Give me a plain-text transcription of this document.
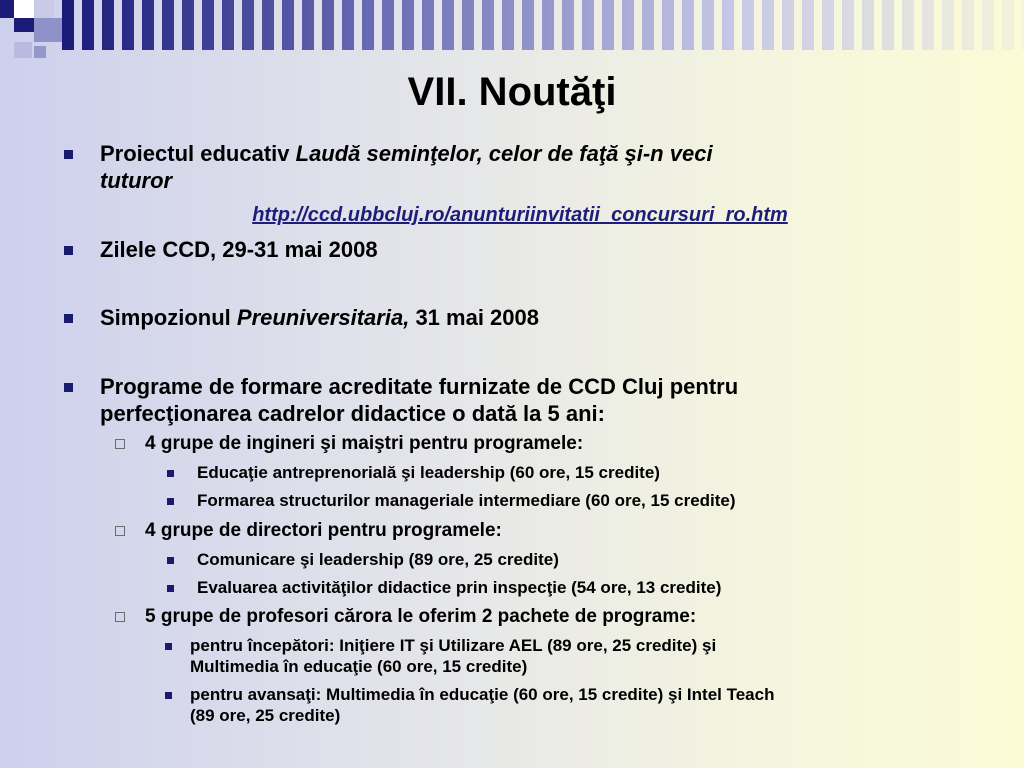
VII. Noutăţi
Proiectul educativ Laudă seminţelor, celor de faţă şi-n veci
tuturor
http://ccd.ubbcluj.ro/anunturiinvitatii_concursuri_ro.htm
Zilele CCD, 29-31 mai 2008
Simpozionul Preuniversitaria, 31 mai 2008
Programe de formare acreditate furnizate de CCD Cluj pentru
perfecţionarea cadrelor didactice o dată la 5 ani:
4 grupe de ingineri şi maiştri pentru programele:
Educaţie antreprenorială şi leadership (60 ore, 15 credite)
Formarea structurilor manageriale intermediare (60 ore, 15 credite)
4 grupe de directori pentru programele:
Comunicare şi leadership (89 ore, 25 credite)
Evaluarea activităţilor didactice prin inspecţie (54 ore, 13 credite)
5 grupe de profesori cărora le oferim 2 pachete de programe:
pentru începători: Iniţiere IT şi Utilizare AEL (89 ore, 25 credite) şi
Multimedia în educaţie (60 ore, 15 credite)
pentru avansaţi: Multimedia în educaţie (60 ore, 15 credite) şi Intel Teach
(89 ore, 25 credite)
